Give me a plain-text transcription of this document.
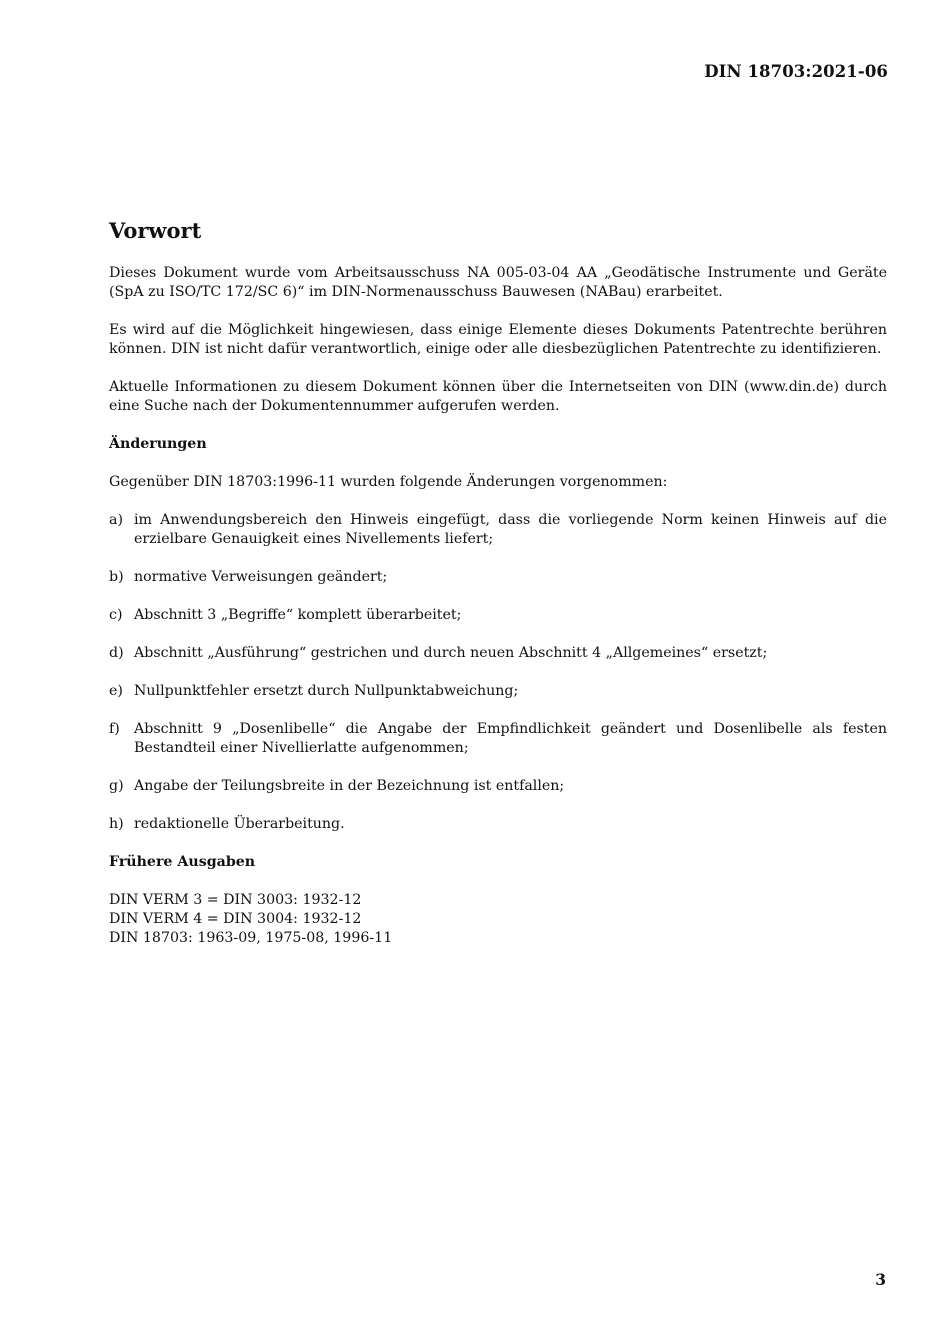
DIN 18703:2021-06
Vorwort

Dieses Dokument wurde vom Arbeitsausschuss NA 005-03-04 AA „Geodätische Instrumente und Geräte (SpA zu ISO/TC 172/SC 6)“ im DIN-Normenausschuss Bauwesen (NABau) erarbeitet.

Es wird auf die Möglichkeit hingewiesen, dass einige Elemente dieses Dokuments Patentrechte berühren können. DIN ist nicht dafür verantwortlich, einige oder alle diesbezüglichen Patentrechte zu identifizieren.

Aktuelle Informationen zu diesem Dokument können über die Internetseiten von DIN (www.din.de) durch eine Suche nach der Dokumentennummer aufgerufen werden.

Änderungen

Gegenüber DIN 18703:1996-11 wurden folgende Änderungen vorgenommen:

a) im Anwendungsbereich den Hinweis eingefügt, dass die vorliegende Norm keinen Hinweis auf die erzielbare Genauigkeit eines Nivellements liefert;
b) normative Verweisungen geändert;
c) Abschnitt 3 „Begriffe“ komplett überarbeitet;
d) Abschnitt „Ausführung“ gestrichen und durch neuen Abschnitt 4 „Allgemeines“ ersetzt;
e) Nullpunktfehler ersetzt durch Nullpunktabweichung;
f)	Abschnitt 9 „Dosenlibelle“ die Angabe der Empfindlichkeit geändert und Dosenlibelle als festen Bestandteil einer Nivellierlatte aufgenommen;
g) Angabe der Teilungsbreite in der Bezeichnung ist entfallen;
h) redaktionelle Überarbeitung.
Frühere Ausgaben
DIN VERM 3 = DIN 3003: 1932-12
DIN VERM 4 = DIN 3004: 1932-12
DIN 18703: 1963-09, 1975-08, 1996-11
3
